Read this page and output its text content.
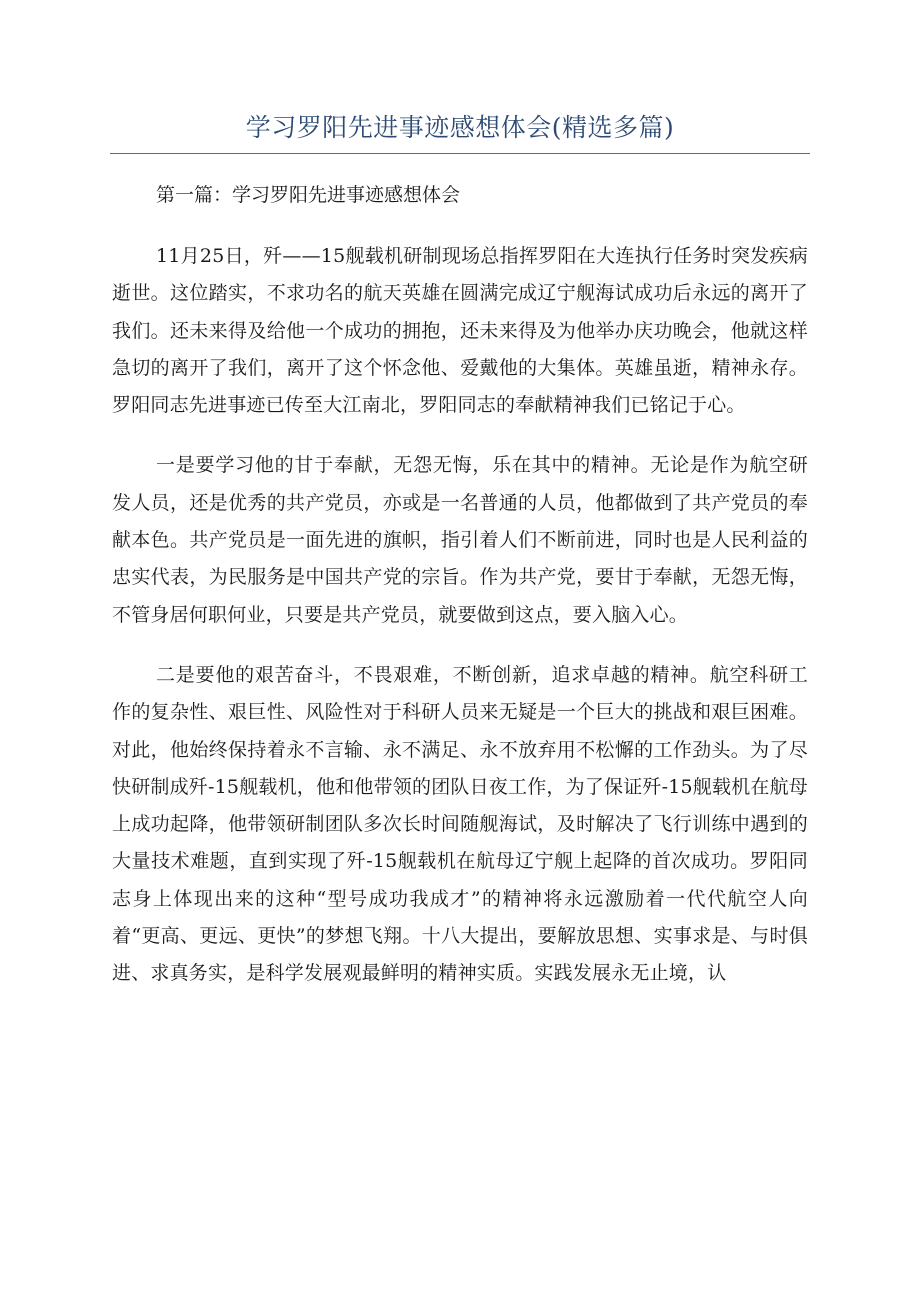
学习罗阳先进事迹感想体会(精选多篇)

第一篇：学习罗阳先进事迹感想体会

11月25日，歼——15舰载机研制现场总指挥罗阳在大连执行任务时突发疾病逝世。这位踏实，不求功名的航天英雄在圆满完成辽宁舰海试成功后永远的离开了我们。还未来得及给他一个成功的拥抱，还未来得及为他举办庆功晚会，他就这样急切的离开了我们，离开了这个怀念他、爱戴他的大集体。英雄虽逝，精神永存。罗阳同志先进事迹已传至大江南北，罗阳同志的奉献精神我们已铭记于心。

一是要学习他的甘于奉献，无怨无悔，乐在其中的精神。无论是作为航空研发人员，还是优秀的共产党员，亦或是一名普通的人员，他都做到了共产党员的奉献本色。共产党员是一面先进的旗帜，指引着人们不断前进，同时也是人民利益的忠实代表，为民服务是中国共产党的宗旨。作为共产党，要甘于奉献，无怨无悔，不管身居何职何业，只要是共产党员，就要做到这点，要入脑入心。

二是要他的艰苦奋斗，不畏艰难，不断创新，追求卓越的精神。航空科研工作的复杂性、艰巨性、风险性对于科研人员来无疑是一个巨大的挑战和艰巨困难。对此，他始终保持着永不言输、永不满足、永不放弃用不松懈的工作劲头。为了尽快研制成歼-15舰载机，他和他带领的团队日夜工作，为了保证歼-15舰载机在航母上成功起降，他带领研制团队多次长时间随舰海试，及时解决了飞行训练中遇到的大量技术难题，直到实现了歼-15舰载机在航母辽宁舰上起降的首次成功。罗阳同志身上体现出来的这种“型号成功我成才”的精神将永远激励着一代代航空人向着“更高、更远、更快”的梦想飞翔。十八大提出，要解放思想、实事求是、与时俱进、求真务实，是科学发展观最鲜明的精神实质。实践发展永无止境，认
